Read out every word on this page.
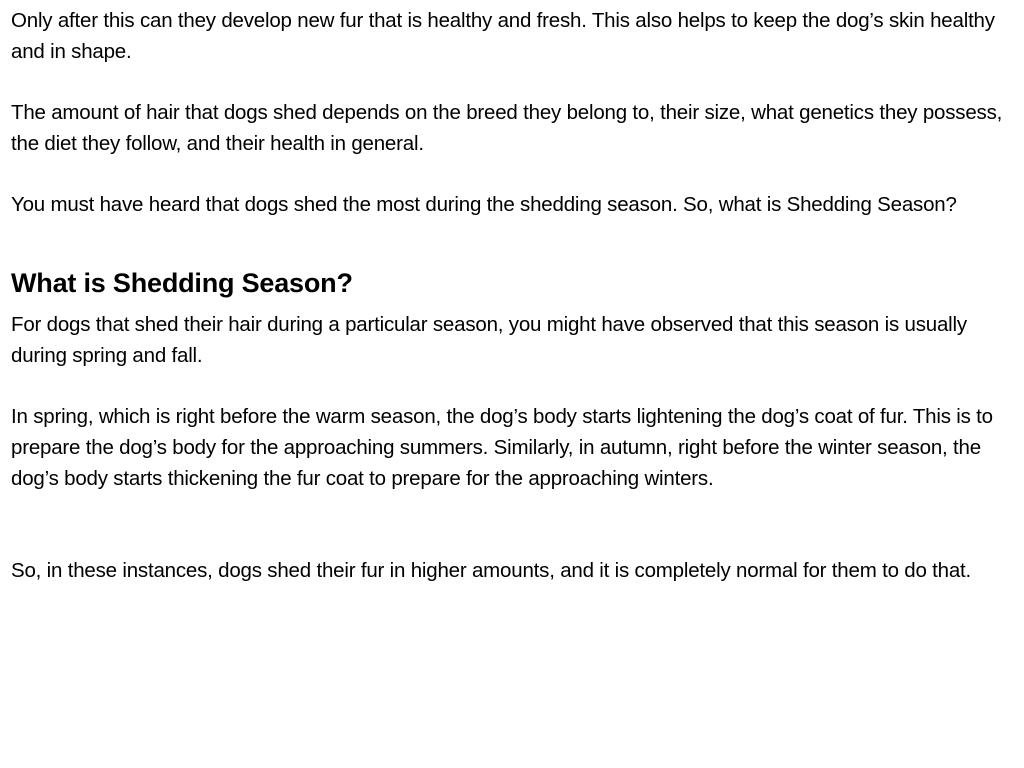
Only after this can they develop new fur that is healthy and fresh. This also helps to keep the dog’s skin healthy and in shape.

The amount of hair that dogs shed depends on the breed they belong to, their size, what genetics they possess, the diet they follow, and their health in general.

You must have heard that dogs shed the most during the shedding season. So, what is Shedding Season?

What is Shedding Season?

For dogs that shed their hair during a particular season, you might have observed that this season is usually during spring and fall.

In spring, which is right before the warm season, the dog’s body starts lightening the dog’s coat of fur. This is to prepare the dog’s body for the approaching summers. Similarly, in autumn, right before the winter season, the dog’s body starts thickening the fur coat to prepare for the approaching winters.

So, in these instances, dogs shed their fur in higher amounts, and it is completely normal for them to do that.
